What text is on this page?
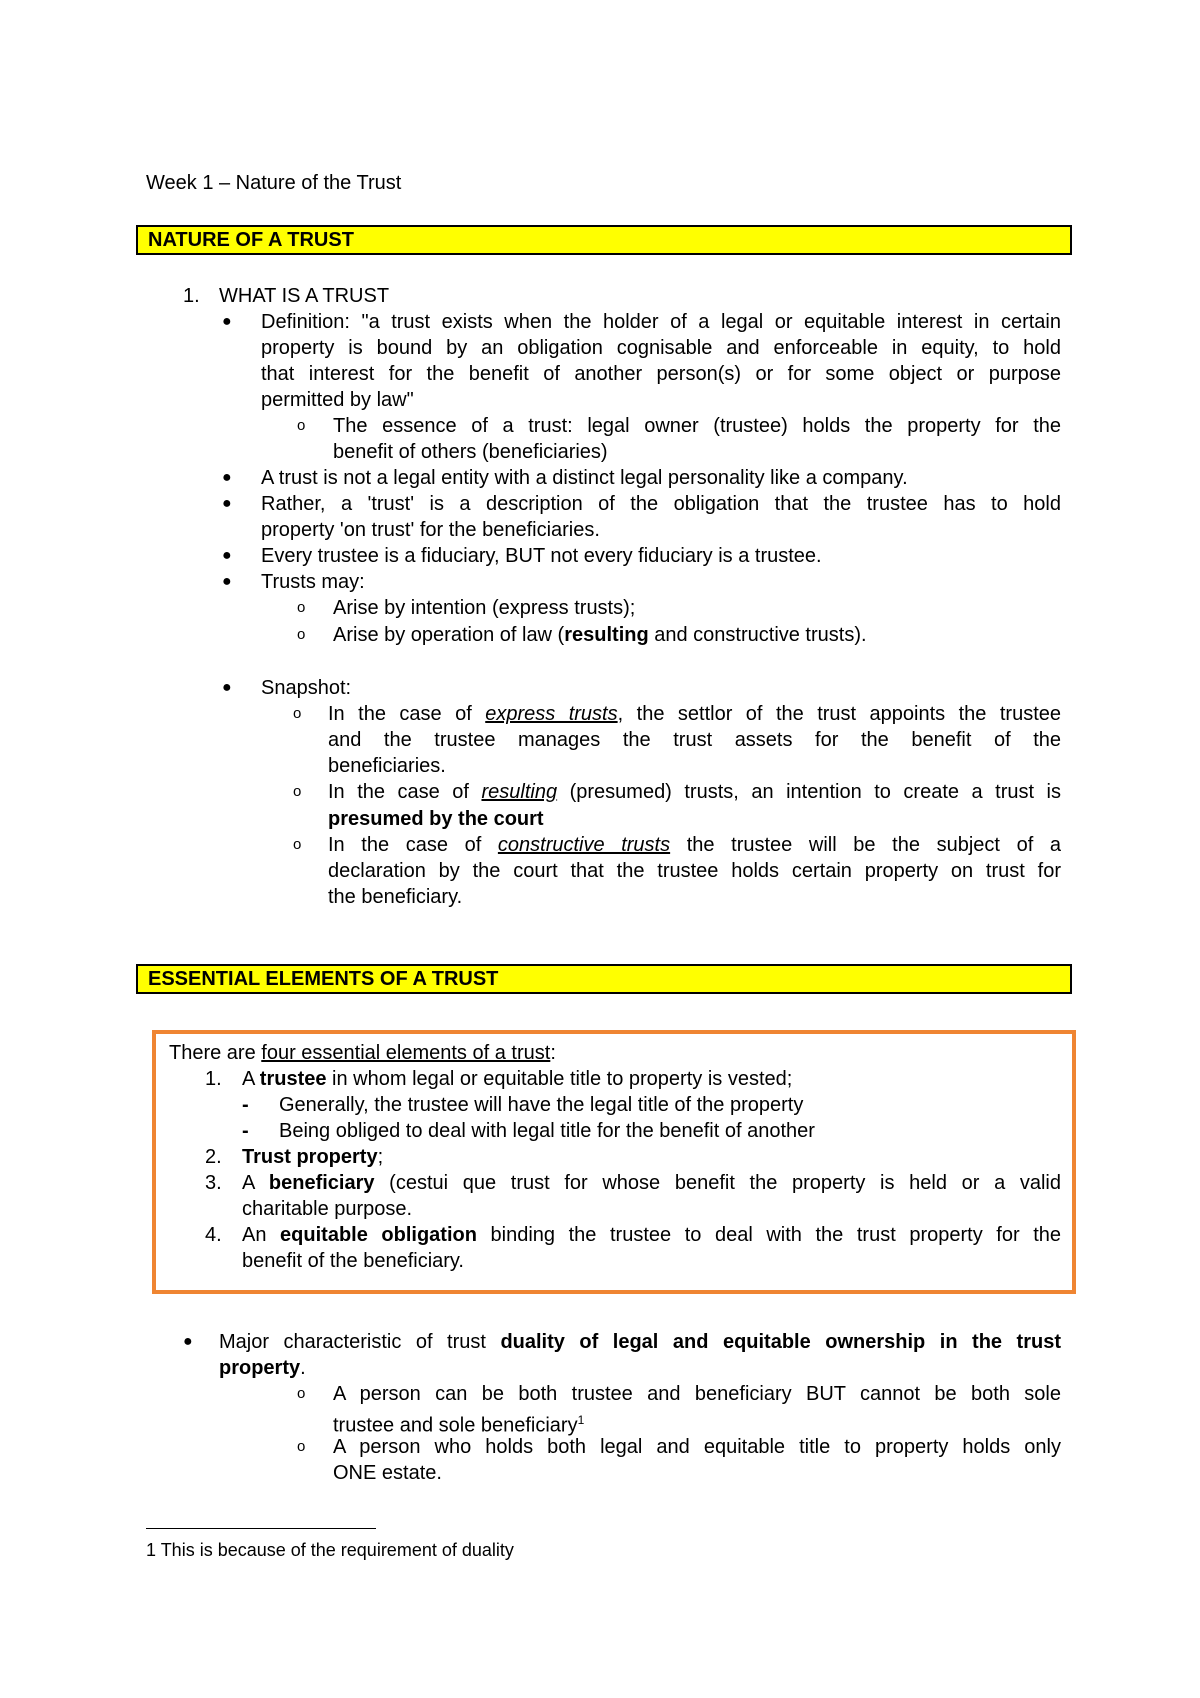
Week 1 – Nature of the Trust
NATURE OF A TRUST
1. WHAT IS A TRUST
● Definition: "a trust exists when the holder of a legal or equitable interest in certain
property is bound by an obligation cognisable and enforceable in equity, to hold
that interest for the benefit of another person(s) or for some object or purpose
permitted by law"
o The essence of a trust: legal owner (trustee) holds the property for the
benefit of others (beneficiaries)
● A trust is not a legal entity with a distinct legal personality like a company.
● Rather, a 'trust' is a description of the obligation that the trustee has to hold
property 'on trust' for the beneficiaries.
● Every trustee is a fiduciary, BUT not every fiduciary is a trustee.
● Trusts may:
o Arise by intention (express trusts);
o Arise by operation of law (resulting and constructive trusts).
● Snapshot:
o In the case of express trusts, the settlor of the trust appoints the trustee
and the trustee manages the trust assets for the benefit of the
beneficiaries.
o In the case of resulting (presumed) trusts, an intention to create a trust is
presumed by the court
o In the case of constructive trusts the trustee will be the subject of a
declaration by the court that the trustee holds certain property on trust for
the beneficiary.
ESSENTIAL ELEMENTS OF A TRUST
There are four essential elements of a trust:
1. A trustee in whom legal or equitable title to property is vested;
- Generally, the trustee will have the legal title of the property
- Being obliged to deal with legal title for the benefit of another
2. Trust property;
3. A beneficiary (cestui que trust for whose benefit the property is held or a valid
charitable purpose.
4. An equitable obligation binding the trustee to deal with the trust property for the
benefit of the beneficiary.
● Major characteristic of trust duality of legal and equitable ownership in the trust
property.
o A person can be both trustee and beneficiary BUT cannot be both sole
trustee and sole beneficiary$^1$
o A person who holds both legal and equitable title to property holds only
ONE estate.
1 This is because of the requirement of duality
